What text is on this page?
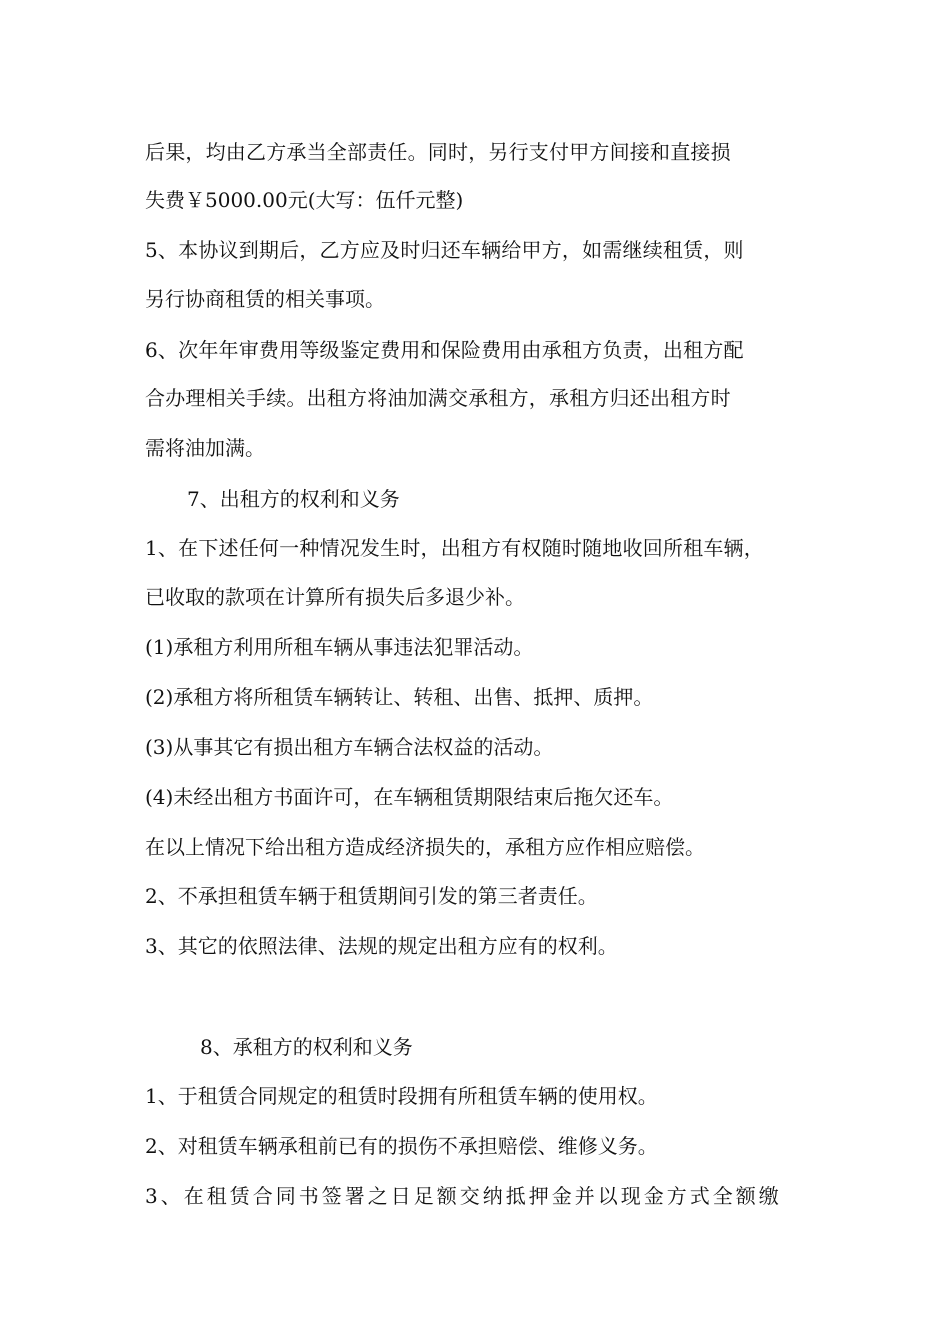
后果，均由乙方承当全部责任。同时，另行支付甲方间接和直接损
失费￥5000.00元(大写：伍仟元整)
5、本协议到期后，乙方应及时归还车辆给甲方，如需继续租赁，则
另行协商租赁的相关事项。
6、次年年审费用等级鉴定费用和保险费用由承租方负责，出租方配
合办理相关手续。出租方将油加满交承租方，承租方归还出租方时
需将油加满。
7、出租方的权利和义务
1、在下述任何一种情况发生时，出租方有权随时随地收回所租车辆，
已收取的款项在计算所有损失后多退少补。
(1)承租方利用所租车辆从事违法犯罪活动。
(2)承租方将所租赁车辆转让、转租、出售、抵押、质押。
(3)从事其它有损出租方车辆合法权益的活动。
(4)未经出租方书面许可，在车辆租赁期限结束后拖欠还车。
在以上情况下给出租方造成经济损失的，承租方应作相应赔偿。
2、不承担租赁车辆于租赁期间引发的第三者责任。
3、其它的依照法律、法规的规定出租方应有的权利。
8、承租方的权利和义务
1、于租赁合同规定的租赁时段拥有所租赁车辆的使用权。
2、对租赁车辆承租前已有的损伤不承担赔偿、维修义务。
3、在租赁合同书签署之日足额交纳抵押金并以现金方式全额缴
